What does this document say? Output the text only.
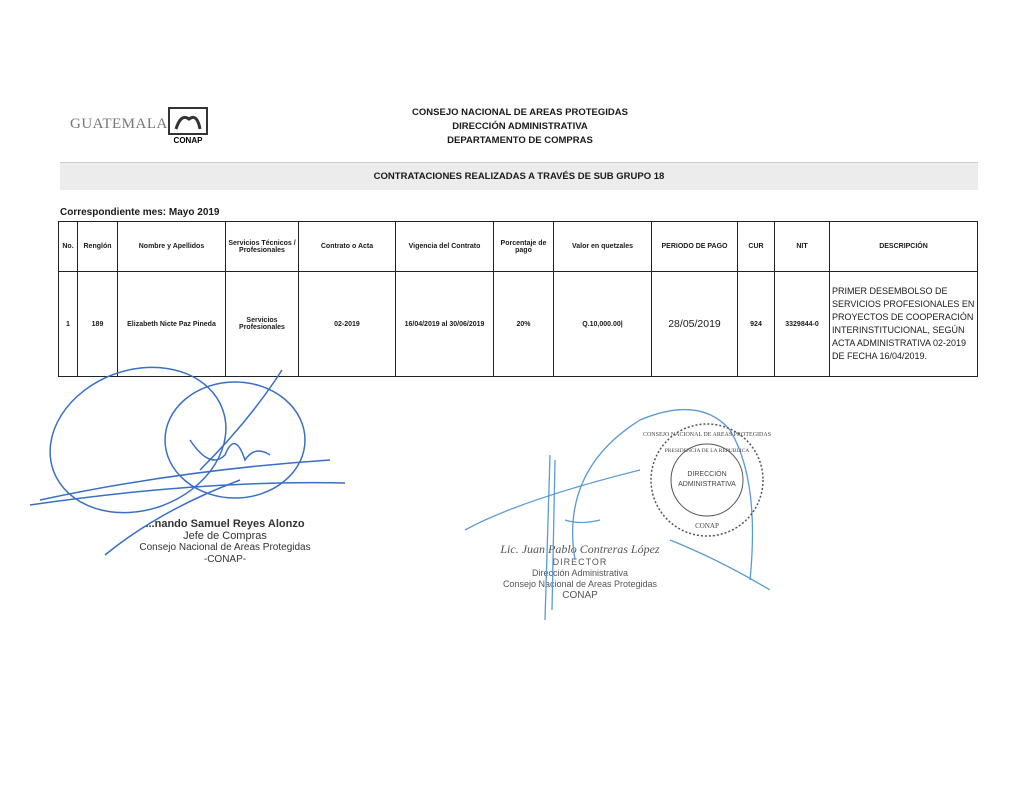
GUATEMALA
CONAP
CONSEJO NACIONAL DE AREAS PROTEGIDAS
DIRECCIÓN ADMINISTRATIVA
DEPARTAMENTO DE COMPRAS
CONTRATACIONES REALIZADAS A TRAVÉS DE SUB GRUPO 18
Correspondiente mes: Mayo 2019
No.	Renglón	Nombre y Apellidos	Servicios Técnicos / Profesionales	Contrato o Acta	Vigencia del Contrato	Porcentaje de pago	Valor en quetzales	PERIODO DE PAGO	CUR	NIT	DESCRIPCIÓN
1	189	Elizabeth Nicte Paz Pineda	Servicios Profesionales	02-2019	16/04/2019 al 30/06/2019	20%	Q.10,000.00|	28/05/2019	924	3329844-0	PRIMER DESEMBOLSO DE SERVICIOS PROFESIONALES EN PROYECTOS DE COOPERACIÓN INTERINSTITUCIONAL, SEGÚN ACTA ADMINISTRATIVA 02-2019 DE FECHA 16/04/2019.
...nando Samuel Reyes Alonzo
Jefe de Compras
Consejo Nacional de Areas Protegidas
-CONAP-
Lic. Juan Pablo Contreras López
DIRECTOR
Dirección Administrativa
Consejo Nacional de Areas Protegidas
CONAP
DIRECCIÓN
ADMINISTRATIVA
CONAP
CONSEJO NACIONAL DE AREAS PROTEGIDAS
PRESIDENCIA DE LA REPUBLICA
